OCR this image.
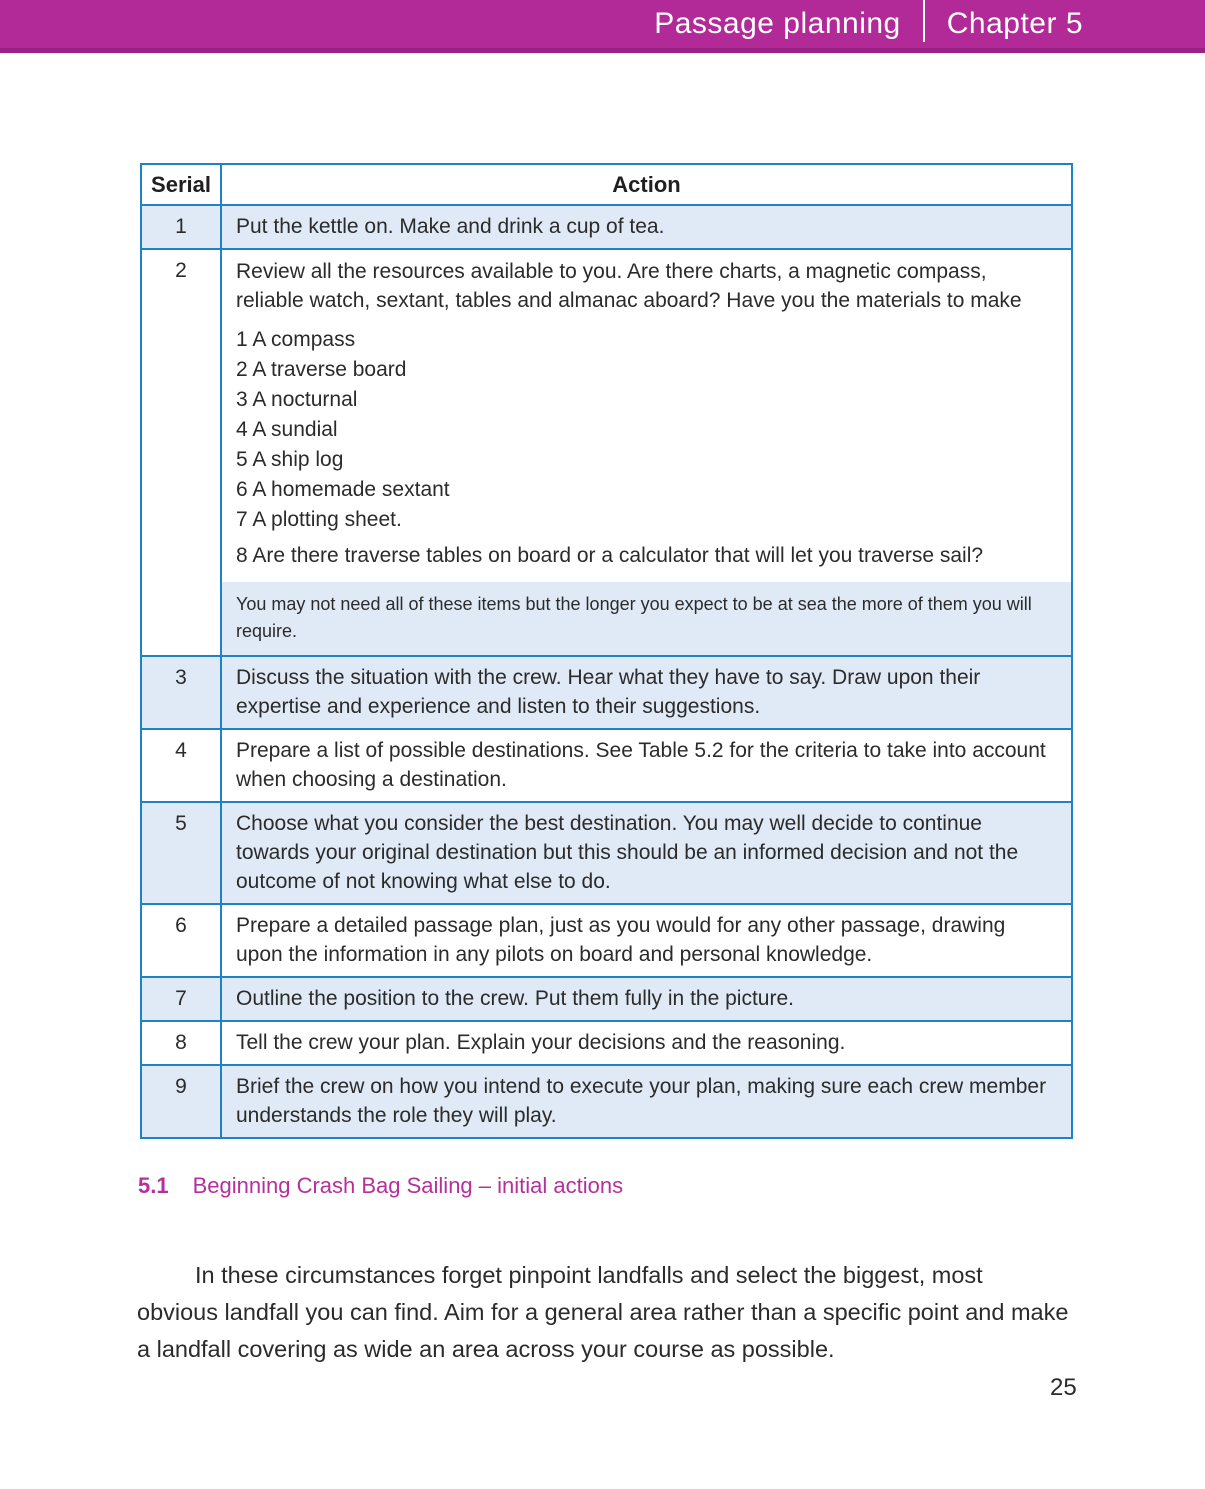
Passage planning Chapter 5
Serial	Action
1	Put the kettle on. Make and drink a cup of tea.
2	Review all the resources available to you. Are there charts, a magnetic compass, reliable watch, sextant, tables and almanac aboard? Have you the materials to make
1 A compass
2 A traverse board
3 A nocturnal
4 A sundial
5 A ship log
6 A homemade sextant
7 A plotting sheet.
8 Are there traverse tables on board or a calculator that will let you traverse sail?
You may not need all of these items but the longer you expect to be at sea the more of them you will require.

3	Discuss the situation with the crew. Hear what they have to say. Draw upon their expertise and experience and listen to their suggestions.
4	Prepare a list of possible destinations. See Table 5.2 for the criteria to take into account when choosing a destination.
5	Choose what you consider the best destination. You may well decide to continue towards your original destination but this should be an informed decision and not the outcome of not knowing what else to do.
6	Prepare a detailed passage plan, just as you would for any other passage, drawing upon the information in any pilots on board and personal knowledge.
7	Outline the position to the crew. Put them fully in the picture.
8	Tell the crew your plan. Explain your decisions and the reasoning.
9	Brief the crew on how you intend to execute your plan, making sure each crew member understands the role they will play.
5.1 Beginning Crash Bag Sailing – initial actions

In these circumstances forget pinpoint landfalls and select the biggest, most obvious landfall you can find. Aim for a general area rather than a specific point and make a landfall covering as wide an area across your course as possible.

25
